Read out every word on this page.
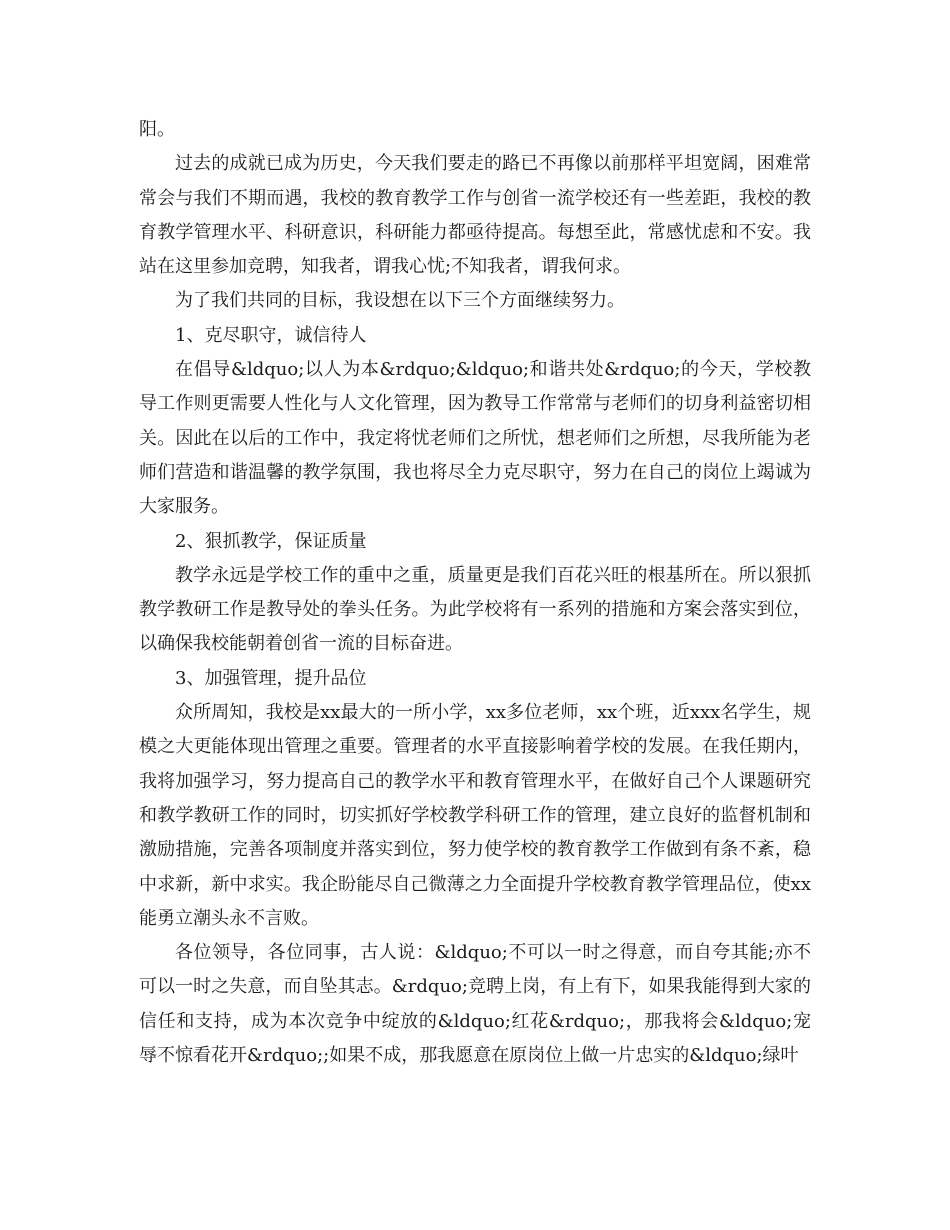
阳。

过去的成就已成为历史，今天我们要走的路已不再像以前那样平坦宽阔，困难常常会与我们不期而遇，我校的教育教学工作与创省一流学校还有一些差距，我校的教育教学管理水平、科研意识，科研能力都亟待提高。每想至此，常感忧虑和不安。我站在这里参加竞聘，知我者，谓我心忧;不知我者，谓我何求。

为了我们共同的目标，我设想在以下三个方面继续努力。

1、克尽职守，诚信待人

在倡导&ldquo;以人为本&rdquo;&ldquo;和谐共处&rdquo;的今天，学校教导工作则更需要人性化与人文化管理，因为教导工作常常与老师们的切身利益密切相关。因此在以后的工作中，我定将忧老师们之所忧，想老师们之所想，尽我所能为老师们营造和谐温馨的教学氛围，我也将尽全力克尽职守，努力在自己的岗位上竭诚为大家服务。

2、狠抓教学，保证质量

教学永远是学校工作的重中之重，质量更是我们百花兴旺的根基所在。所以狠抓教学教研工作是教导处的拳头任务。为此学校将有一系列的措施和方案会落实到位，以确保我校能朝着创省一流的目标奋进。

3、加强管理，提升品位

众所周知，我校是xx最大的一所小学，xx多位老师，xx个班，近xxx名学生，规模之大更能体现出管理之重要。管理者的水平直接影响着学校的发展。在我任期内，我将加强学习，努力提高自己的教学水平和教育管理水平，在做好自己个人课题研究和教学教研工作的同时，切实抓好学校教学科研工作的管理，建立良好的监督机制和激励措施，完善各项制度并落实到位，努力使学校的教育教学工作做到有条不紊，稳中求新，新中求实。我企盼能尽自己微薄之力全面提升学校教育教学管理品位，使xx能勇立潮头永不言败。

各位领导，各位同事，古人说：&ldquo;不可以一时之得意，而自夸其能;亦不可以一时之失意，而自坠其志。&rdquo;竞聘上岗，有上有下，如果我能得到大家的信任和支持，成为本次竞争中绽放的&ldquo;红花&rdquo;，那我将会&ldquo;宠辱不惊看花开&rdquo;;如果不成，那我愿意在原岗位上做一片忠实的&ldquo;绿叶
